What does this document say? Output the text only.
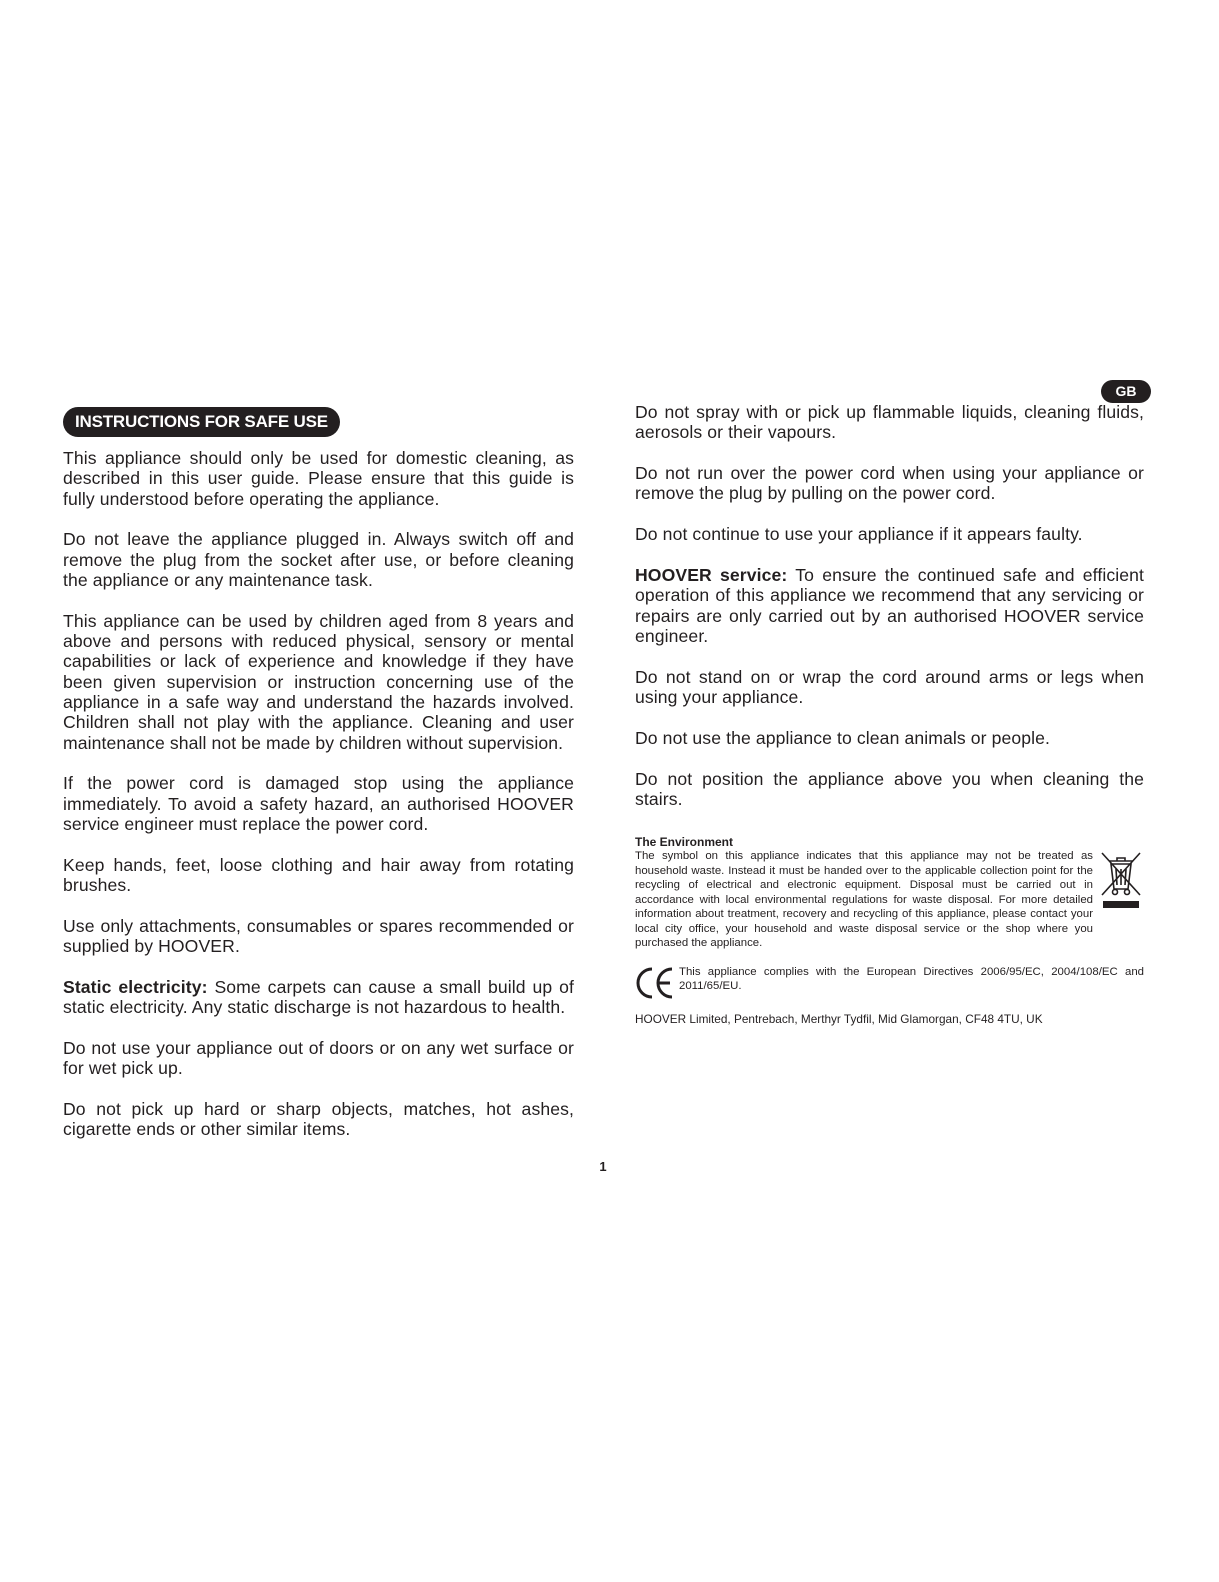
GB
INSTRUCTIONS FOR SAFE USE

This appliance should only be used for domestic cleaning, as described in this user guide. Please ensure that this guide is fully understood before operating the appliance.

Do not leave the appliance plugged in. Always switch off and remove the plug from the socket after use, or before cleaning the appliance or any maintenance task.

This appliance can be used by children aged from 8 years and above and persons with reduced physical, sensory or mental capabilities or lack of experience and knowledge if they have been given supervision or instruction concerning use of the appliance in a safe way and understand the hazards involved. Children shall not play with the appliance. Cleaning and user maintenance shall not be made by children without supervision.

If the power cord is damaged stop using the appliance immediately. To avoid a safety hazard, an authorised HOOVER service engineer must replace the power cord.

Keep hands, feet, loose clothing and hair away from rotating brushes.

Use only attachments, consumables or spares recommended or supplied by HOOVER.

Static electricity: Some carpets can cause a small build up of static electricity. Any static discharge is not hazardous to health.

Do not use your appliance out of doors or on any wet surface or for wet pick up.

Do not pick up hard or sharp objects, matches, hot ashes, cigarette ends or other similar items.

Do not spray with or pick up flammable liquids, cleaning fluids, aerosols or their vapours.

Do not run over the power cord when using your appliance or remove the plug by pulling on the power cord.

Do not continue to use your appliance if it appears faulty.

HOOVER service: To ensure the continued safe and efficient operation of this appliance we recommend that any servicing or repairs are only carried out by an authorised HOOVER service engineer.

Do not stand on or wrap the cord around arms or legs when using your appliance.

Do not use the appliance to clean animals or people.

Do not position the appliance above you when cleaning the stairs.

The Environment
The symbol on this appliance indicates that this appliance may not be treated as household waste. Instead it must be handed over to the applicable collection point for the recycling of electrical and electronic equipment. Disposal must be carried out in accordance with local environmental regulations for waste disposal. For more detailed information about treatment, recovery and recycling of this appliance, please contact your local city office, your household and waste disposal service or the shop where you purchased the appliance.
This appliance complies with the European Directives 2006/95/EC, 2004/108/EC and 2011/65/EU.
HOOVER Limited, Pentrebach, Merthyr Tydfil, Mid Glamorgan, CF48 4TU, UK
1
